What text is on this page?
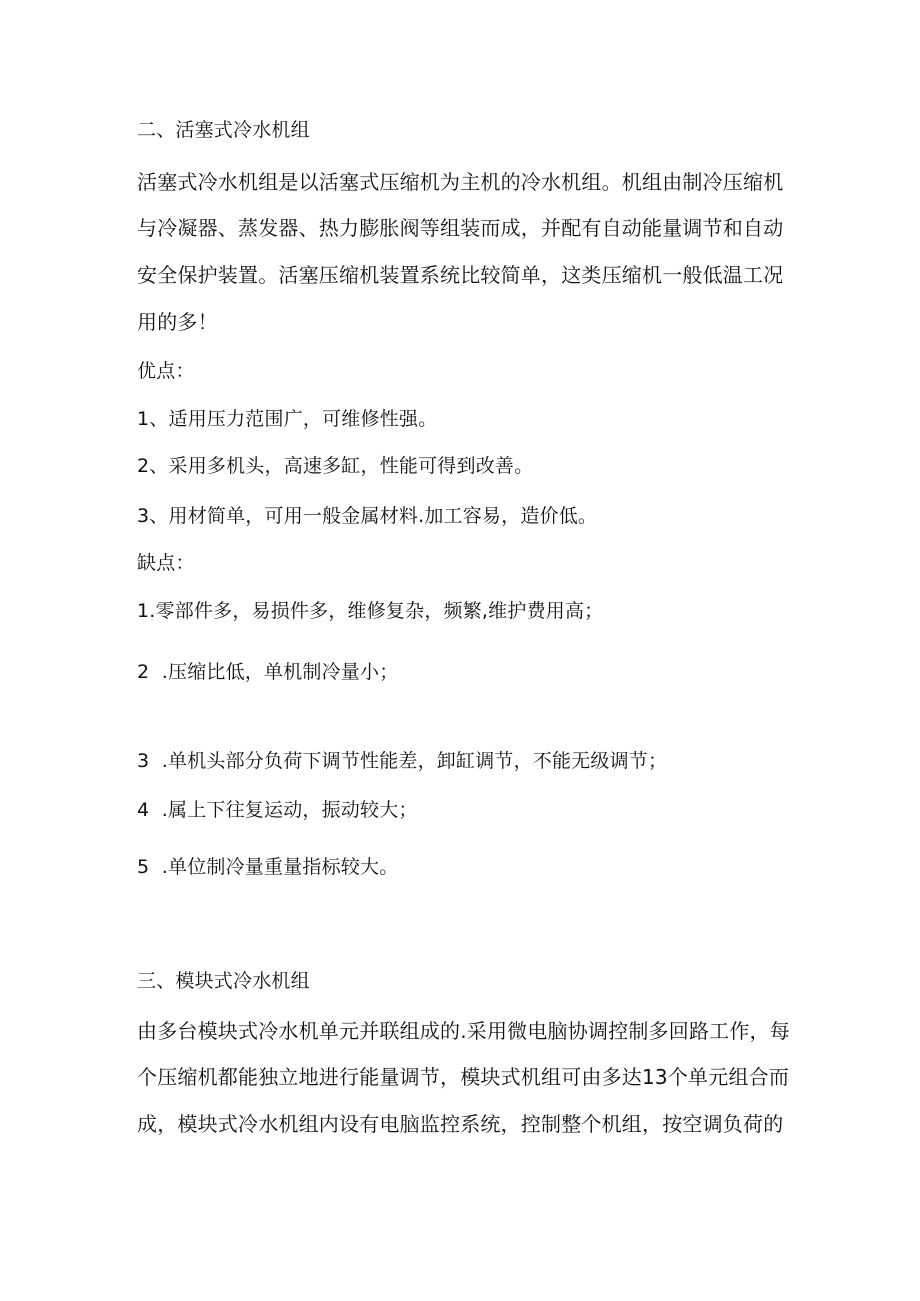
二、活塞式冷水机组
活塞式冷水机组是以活塞式压缩机为主机的冷水机组。机组由制冷压缩机
与冷凝器、蒸发器、热力膨胀阀等组装而成，并配有自动能量调节和自动
安全保护装置。活塞压缩机装置系统比较简单，这类压缩机一般低温工况
用的多！
优点：
1、适用压力范围广，可维修性强。
2、采用多机头，高速多缸，性能可得到改善。
3、用材简单，可用一般金属材料.加工容易，造价低。
缺点：
1.零部件多，易损件多，维修复杂，频繁,维护费用高；
2  .压缩比低，单机制冷量小；
3  .单机头部分负荷下调节性能差，卸缸调节，不能无级调节；
4  .属上下往复运动，振动较大；
5  .单位制冷量重量指标较大。
三、模块式冷水机组
由多台模块式冷水机单元并联组成的.采用微电脑协调控制多回路工作，每
个压缩机都能独立地进行能量调节，模块式机组可由多达13个单元组合而
成，模块式冷水机组内设有电脑监控系统，控制整个机组，按空调负荷的
